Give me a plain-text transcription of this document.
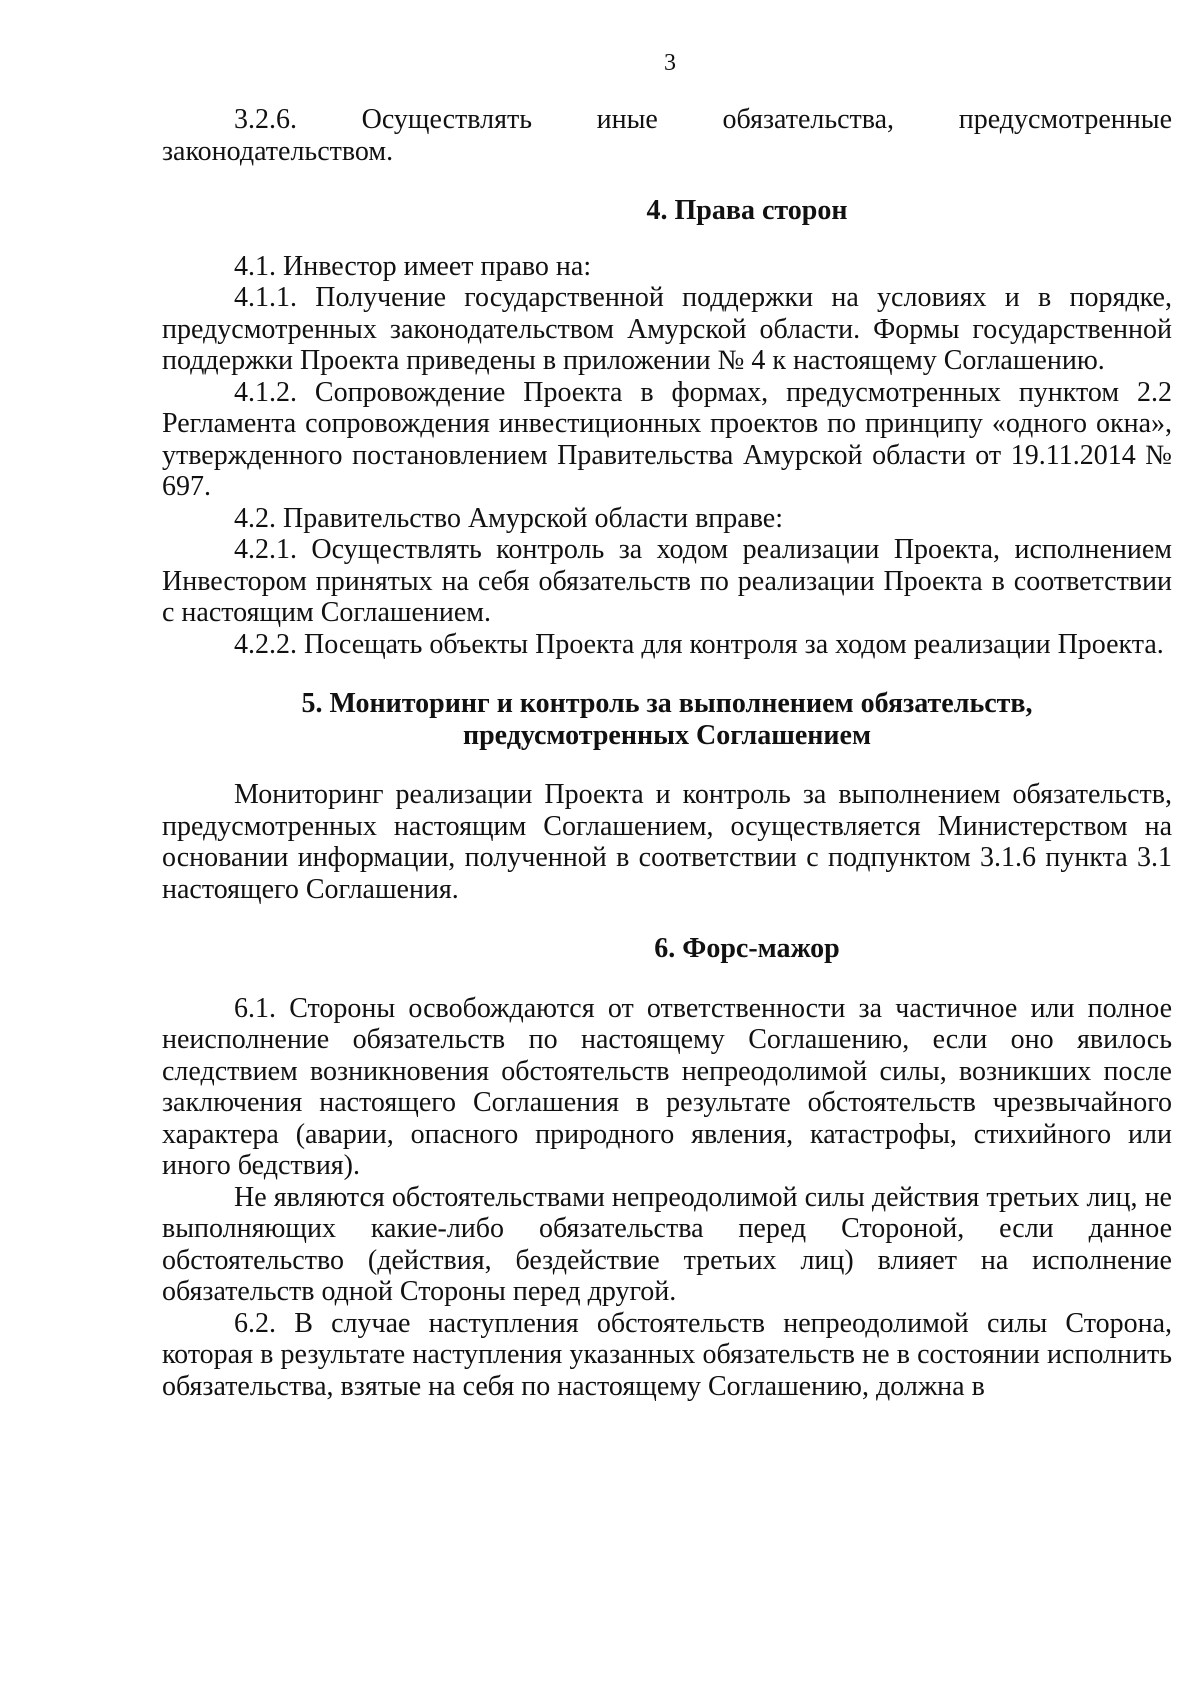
3

3.2.6. Осуществлять иные обязательства, предусмотренные законодательством.

4. Права сторон

4.1. Инвестор имеет право на:

4.1.1. Получение государственной поддержки на условиях и в порядке, предусмотренных законодательством Амурской области. Формы государственной поддержки Проекта приведены в приложении № 4 к настоящему Соглашению.

4.1.2. Сопровождение Проекта в формах, предусмотренных пунктом 2.2 Регламента сопровождения инвестиционных проектов по принципу «одного окна», утвержденного постановлением Правительства Амурской области от 19.11.2014 № 697.

4.2. Правительство Амурской области вправе:

4.2.1. Осуществлять контроль за ходом реализации Проекта, исполнением Инвестором принятых на себя обязательств по реализации Проекта в соответствии с настоящим Соглашением.

4.2.2. Посещать объекты Проекта для контроля за ходом реализации Проекта.

5. Мониторинг и контроль за выполнением обязательств,
предусмотренных Соглашением

Мониторинг реализации Проекта и контроль за выполнением обязательств, предусмотренных настоящим Соглашением, осуществляется Министерством на основании информации, полученной в соответствии с подпунктом 3.1.6 пункта 3.1 настоящего Соглашения.

6. Форс-мажор

6.1. Стороны освобождаются от ответственности за частичное или полное неисполнение обязательств по настоящему Соглашению, если оно явилось следствием возникновения обстоятельств непреодолимой силы, возникших после заключения настоящего Соглашения в результате обстоятельств чрезвычайного характера (аварии, опасного природного явления, катастрофы, стихийного или иного бедствия).

Не являются обстоятельствами непреодолимой силы действия третьих лиц, не выполняющих какие-либо обязательства перед Стороной, если данное обстоятельство (действия, бездействие третьих лиц) влияет на исполнение обязательств одной Стороны перед другой.

6.2. В случае наступления обстоятельств непреодолимой силы Сторона, которая в результате наступления указанных обязательств не в состоянии исполнить обязательства, взятые на себя по настоящему Соглашению, должна в
